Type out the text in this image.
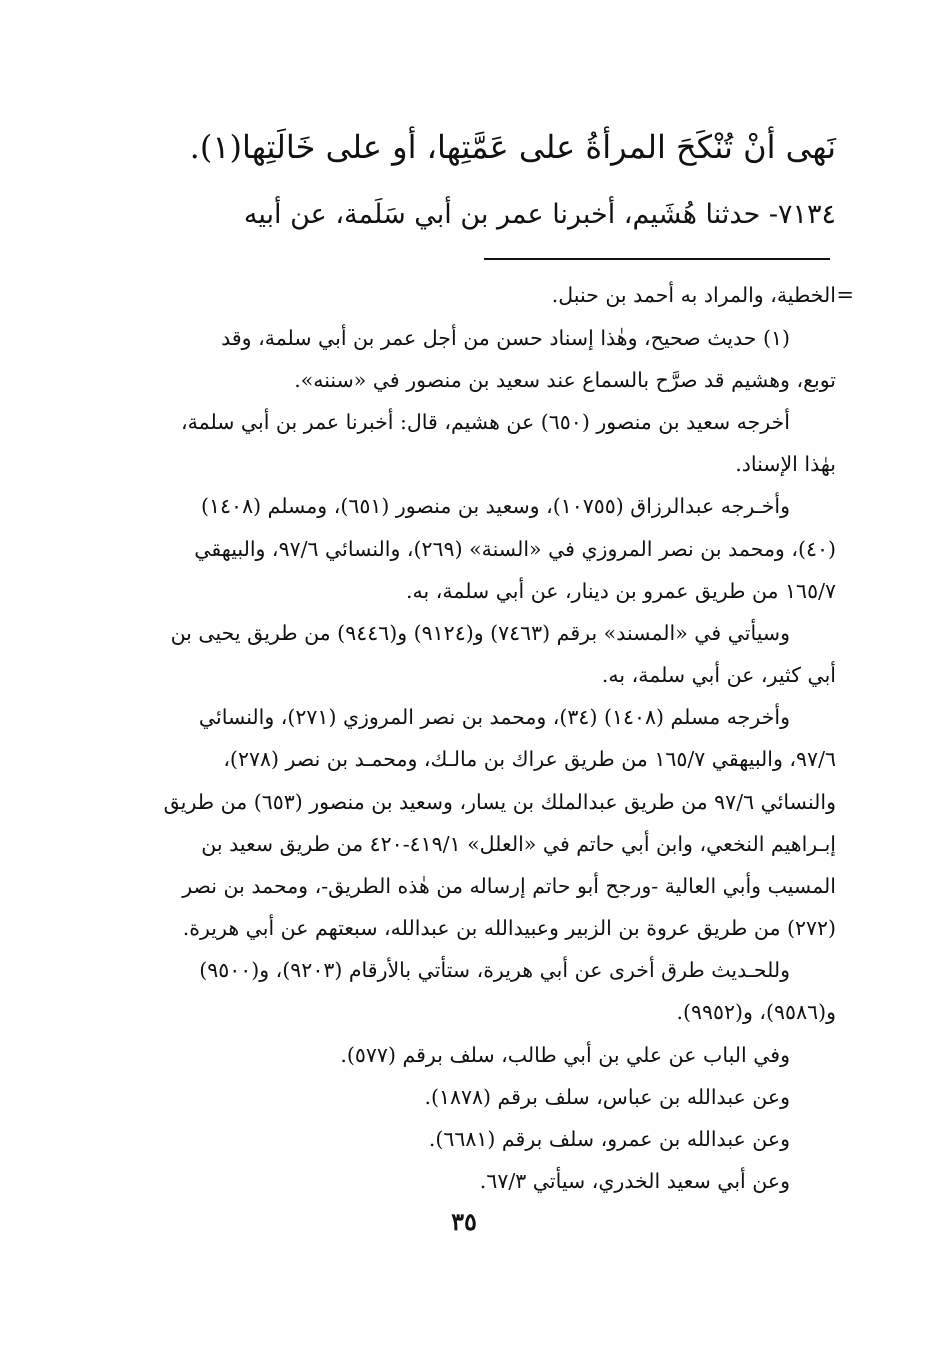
نَهى أنْ تُنْكَحَ المرأةُ على عَمَّتِها، أو على خَالَتِها(١).
٧١٣٤- حدثنا هُشَيم، أخبرنا عمر بن أبي سَلَمة، عن أبيه
=
الخطية، والمراد به أحمد بن حنبل.
(١) حديث صحيح، وهٰذا إسناد حسن من أجل عمر بن أبي سلمة، وقد
توبع، وهشيم قد صرَّح بالسماع عند سعيد بن منصور في «سننه».
أخرجه سعيد بن منصور (٦٥٠) عن هشيم، قال: أخبرنا عمر بن أبي سلمة،
بهٰذا الإسناد.
وأخـرجه عبدالرزاق (١٠٧٥٥)، وسعيد بن منصور (٦٥١)، ومسلم (١٤٠٨)
(٤٠)، ومحمد بن نصر المروزي في «السنة» (٢٦٩)، والنسائي ٩٧/٦، والبيهقي
١٦٥/٧ من طريق عمرو بن دينار، عن أبي سلمة، به.
وسيأتي في «المسند» برقم (٧٤٦٣) و(٩١٢٤) و(٩٤٤٦) من طريق يحيى بن
أبي كثير، عن أبي سلمة، به.
وأخرجه مسلم (١٤٠٨) (٣٤)، ومحمد بن نصر المروزي (٢٧١)، والنسائي
٩٧/٦، والبيهقي ١٦٥/٧ من طريق عراك بن مالـك، ومحمـد بن نصر (٢٧٨)،
والنسائي ٩٧/٦ من طريق عبدالملك بن يسار، وسعيد بن منصور (٦٥٣) من طريق
إبـراهيم النخعي، وابن أبي حاتم في «العلل» ٤١٩/١-٤٢٠ من طريق سعيد بن
المسيب وأبي العالية -ورجح أبو حاتم إرساله من هٰذه الطريق-، ومحمد بن نصر
(٢٧٢) من طريق عروة بن الزبير وعبيدالله بن عبدالله، سبعتهم عن أبي هريرة.
وللحـديث طرق أخرى عن أبي هريرة، ستأتي بالأرقام (٩٢٠٣)، و(٩٥٠٠)
و(٩٥٨٦)، و(٩٩٥٢).
وفي الباب عن علي بن أبي طالب، سلف برقم (٥٧٧).
وعن عبدالله بن عباس، سلف برقم (١٨٧٨).
وعن عبدالله بن عمرو، سلف برقم (٦٦٨١).
وعن أبي سعيد الخدري، سيأتي ٦٧/٣.
٣٥
